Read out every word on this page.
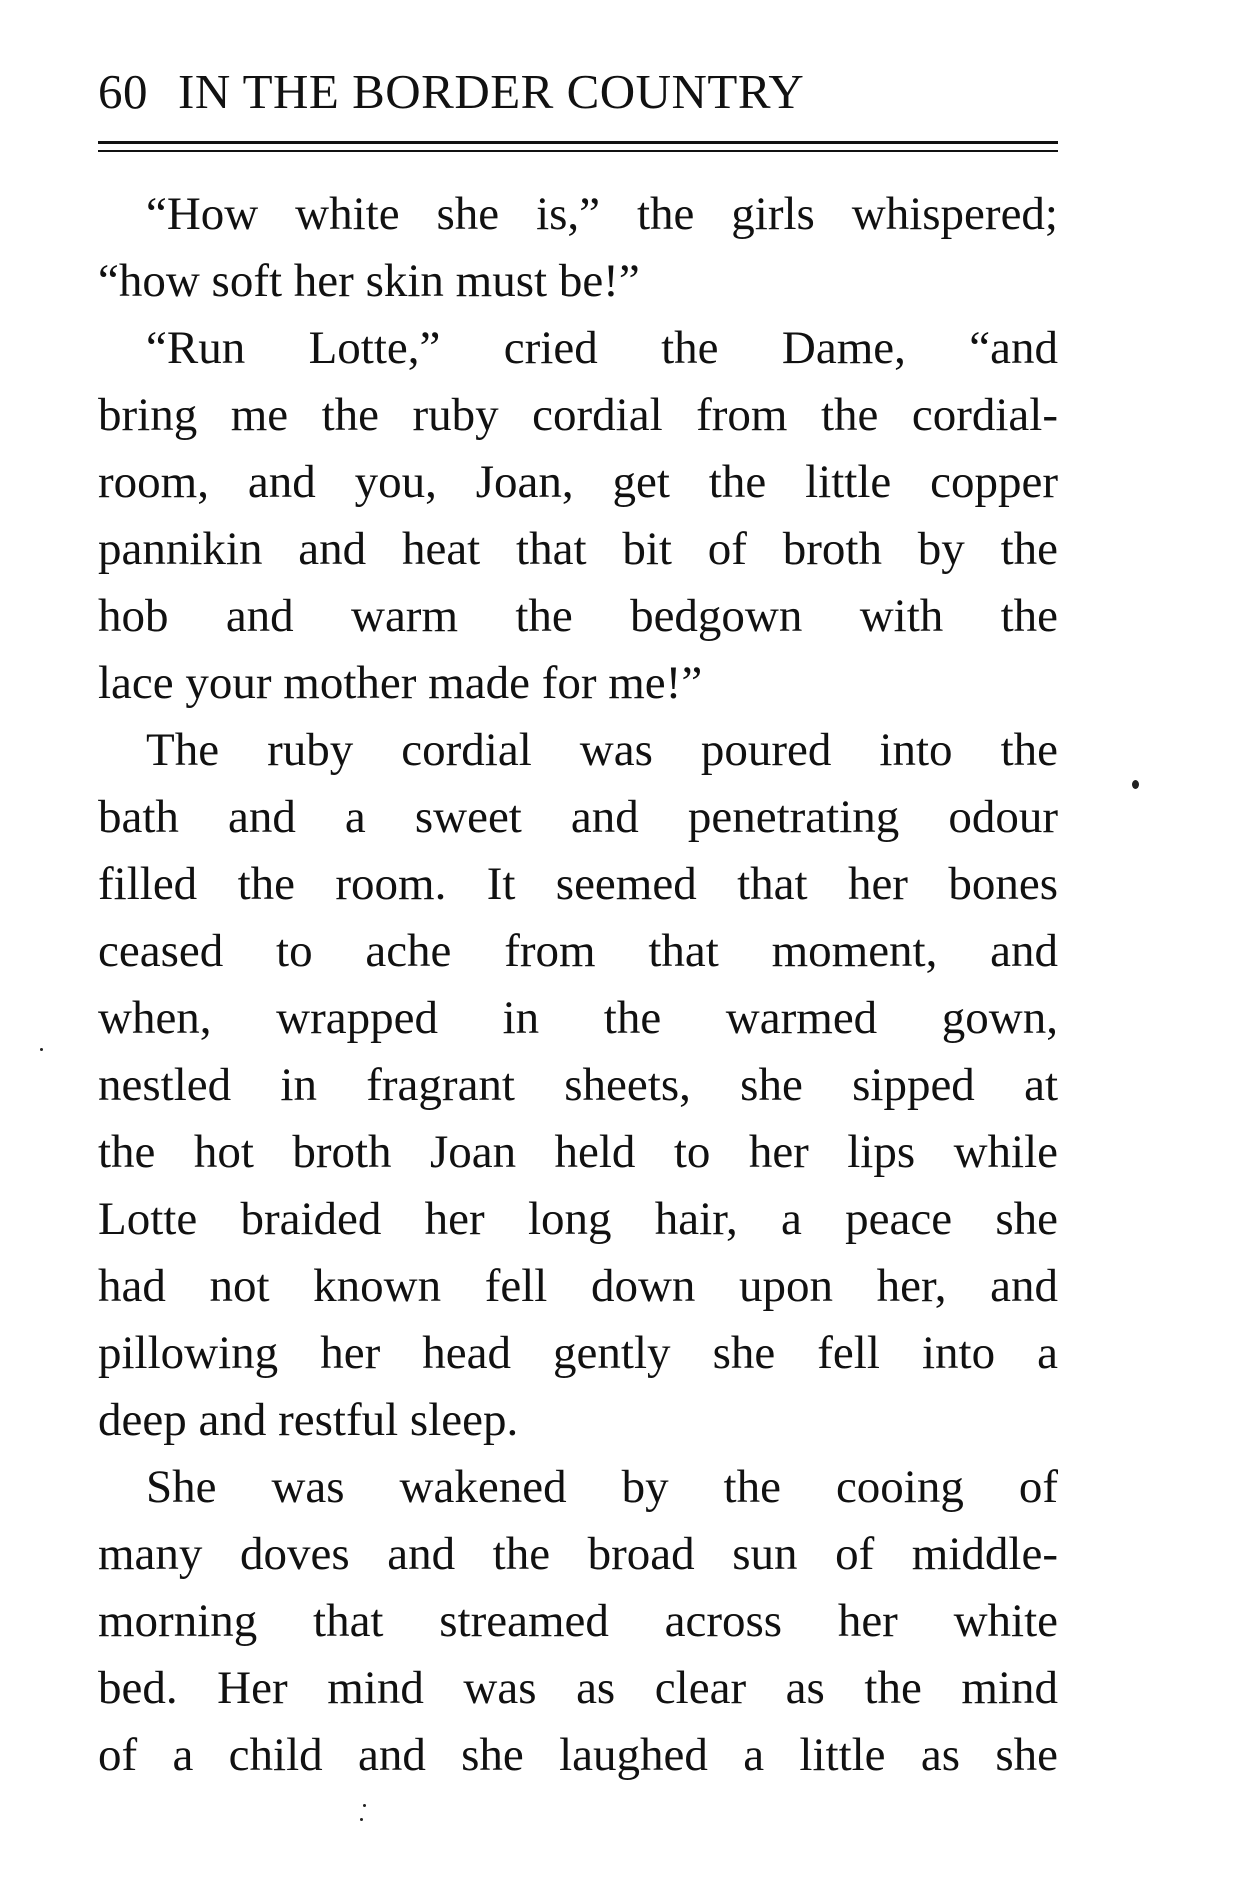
60 IN THE BORDER COUNTRY
“How white she is,” the girls whispered;
“how soft her skin must be!”
“Run Lotte,” cried the Dame, “and
bring me the ruby cordial from the cordial-
room, and you, Joan, get the little copper
pannikin and heat that bit of broth by the
hob and warm the bedgown with the
lace your mother made for me!”
The ruby cordial was poured into the
bath and a sweet and penetrating odour
filled the room. It seemed that her bones
ceased to ache from that moment, and
when, wrapped in the warmed gown,
nestled in fragrant sheets, she sipped at
the hot broth Joan held to her lips while
Lotte braided her long hair, a peace she
had not known fell down upon her, and
pillowing her head gently she fell into a
deep and restful sleep.
She was wakened by the cooing of
many doves and the broad sun of middle-
morning that streamed across her white
bed. Her mind was as clear as the mind
of a child and she laughed a little as she
